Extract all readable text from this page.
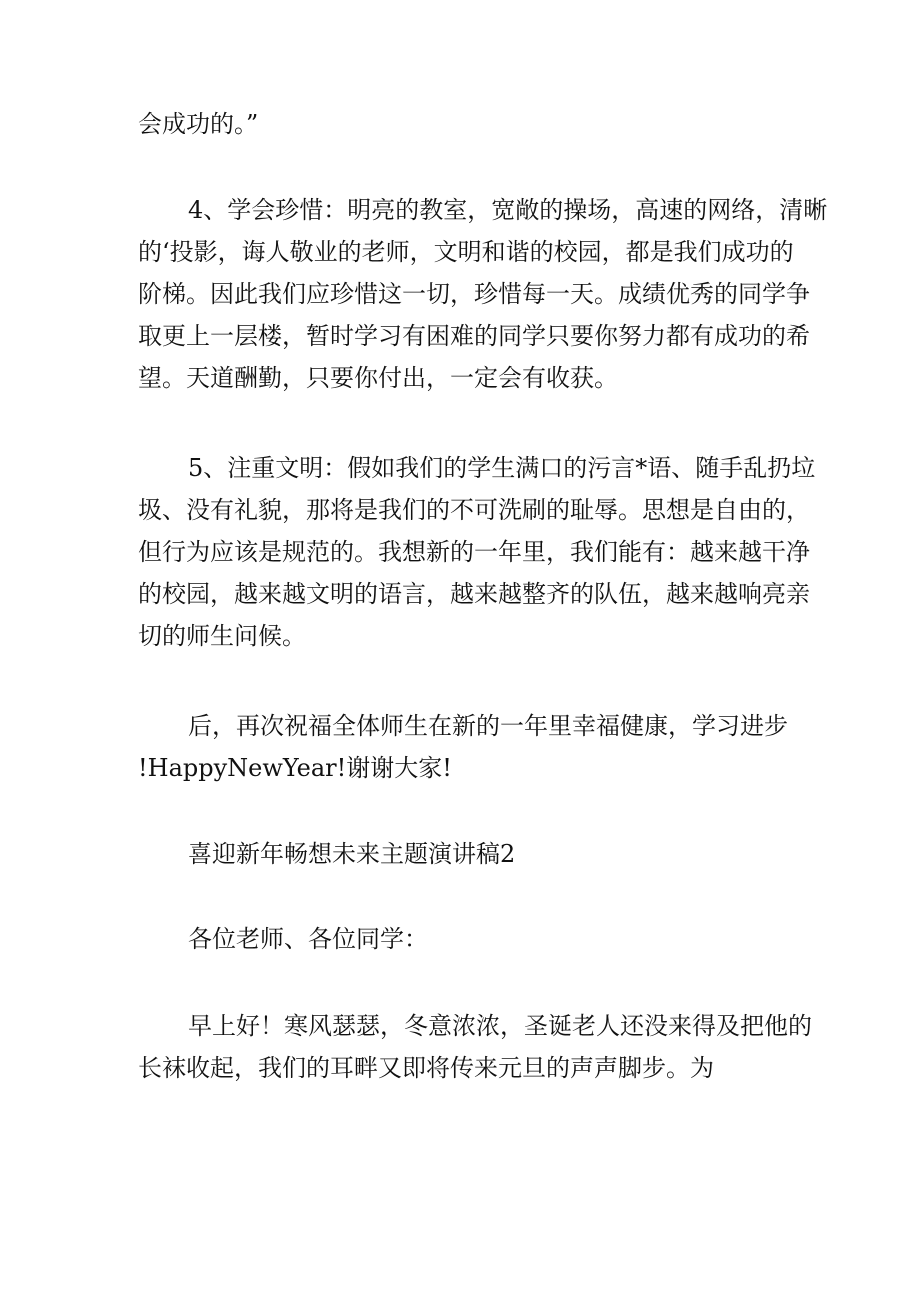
会成功的。”
4、学会珍惜：明亮的教室，宽敞的操场，高速的网络，清晰
的‘投影，诲人敬业的老师，文明和谐的校园，都是我们成功的
阶梯。因此我们应珍惜这一切，珍惜每一天。成绩优秀的同学争
取更上一层楼，暂时学习有困难的同学只要你努力都有成功的希
望。天道酬勤，只要你付出，一定会有收获。
5、注重文明：假如我们的学生满口的污言*语、随手乱扔垃
圾、没有礼貌，那将是我们的不可洗刷的耻辱。思想是自由的，
但行为应该是规范的。我想新的一年里，我们能有：越来越干净
的校园，越来越文明的语言，越来越整齐的队伍，越来越响亮亲
切的师生问候。
后，再次祝福全体师生在新的一年里幸福健康，学习进步
!HappyNewYear!谢谢大家!
喜迎新年畅想未来主题演讲稿2
各位老师、各位同学：
早上好！寒风瑟瑟，冬意浓浓，圣诞老人还没来得及把他的
长袜收起，我们的耳畔又即将传来元旦的声声脚步。为
